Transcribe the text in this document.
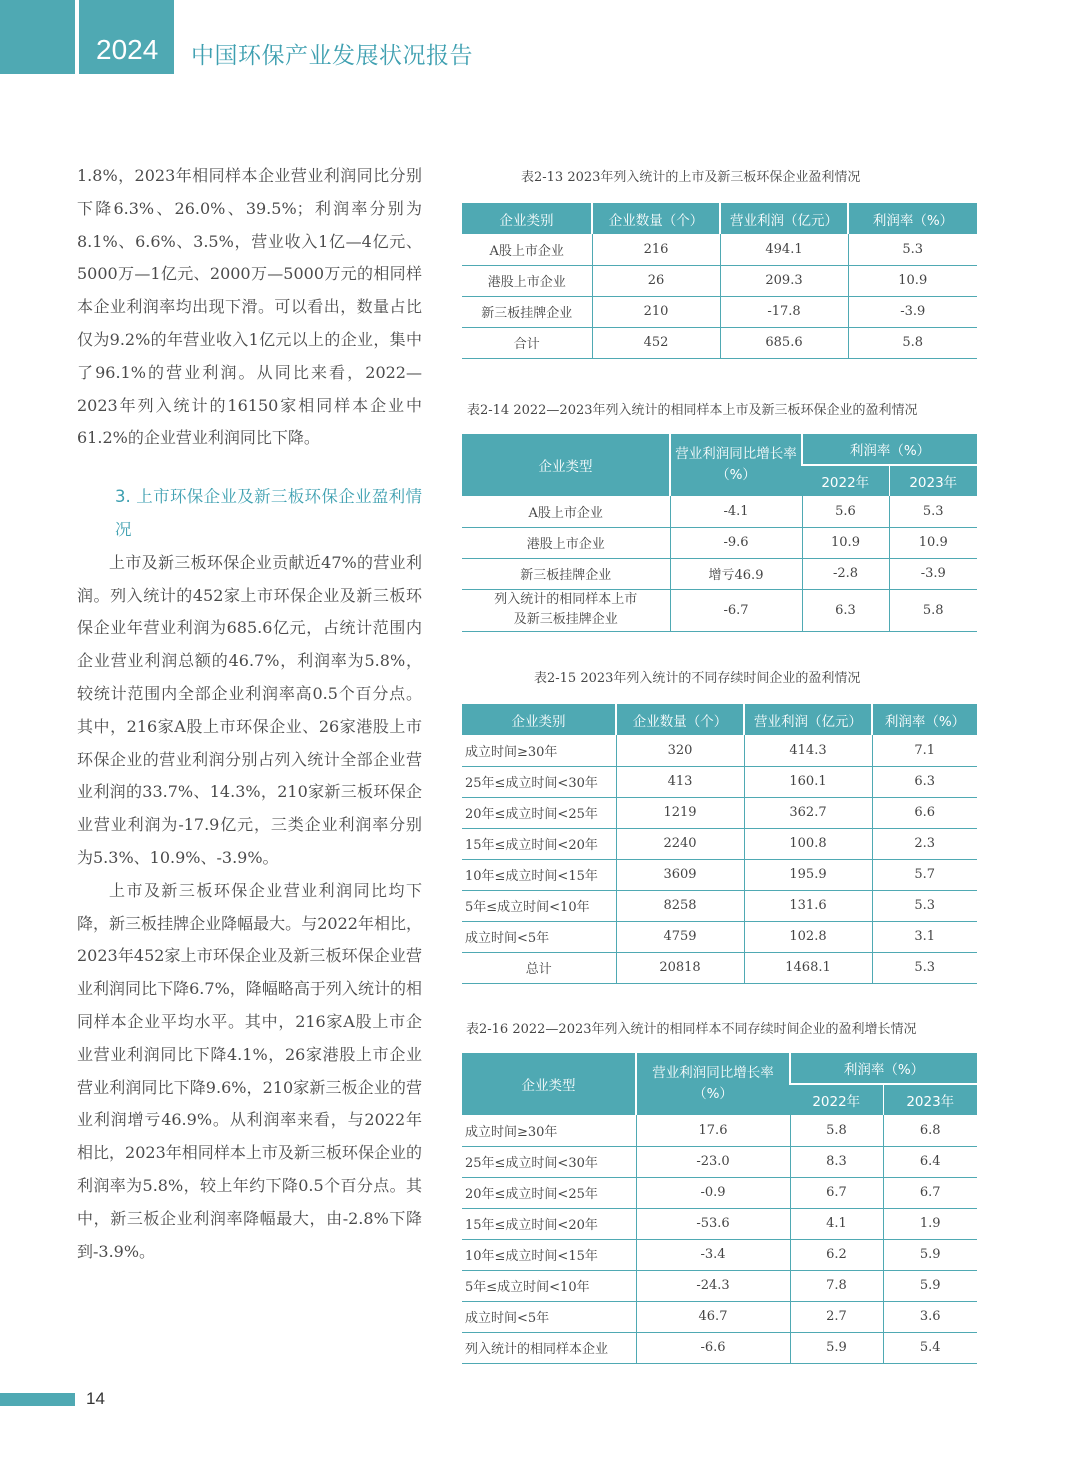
2024 中国环保产业发展状况报告

1.8%，2023年相同样本企业营业利润同比分别下降6.3%、26.0%、39.5%；利润率分别为8.1%、6.6%、3.5%，营业收入1亿—4亿元、5000万—1亿元、2000万—5000万元的相同样本企业利润率均出现下滑。可以看出，数量占比仅为9.2%的年营业收入1亿元以上的企业，集中了96.1%的营业利润。从同比来看，2022—2023年列入统计的16150家相同样本企业中61.2%的企业营业利润同比下降。

3. 上市环保企业及新三板环保企业盈利情况

上市及新三板环保企业贡献近47%的营业利润。列入统计的452家上市环保企业及新三板环保企业年营业利润为685.6亿元，占统计范围内企业营业利润总额的46.7%，利润率为5.8%，较统计范围内全部企业利润率高0.5个百分点。其中，216家A股上市环保企业、26家港股上市环保企业的营业利润分别占列入统计全部企业营业利润的33.7%、14.3%，210家新三板环保企业营业利润为-17.9亿元，三类企业利润率分别为5.3%、10.9%、-3.9%。

上市及新三板环保企业营业利润同比均下降，新三板挂牌企业降幅最大。与2022年相比，2023年452家上市环保企业及新三板环保企业营业利润同比下降6.7%，降幅略高于列入统计的相同样本企业平均水平。其中，216家A股上市企业营业利润同比下降4.1%，26家港股上市企业营业利润同比下降9.6%，210家新三板企业的营业利润增亏46.9%。从利润率来看，与2022年相比，2023年相同样本上市及新三板环保企业的利润率为5.8%，较上年约下降0.5个百分点。其中，新三板企业利润率降幅最大，由-2.8%下降到-3.9%。

表2-13 2023年列入统计的上市及新三板环保企业盈利情况
企业类别	企业数量（个）	营业利润（亿元）	利润率（%）
A股上市企业	216	494.1	5.3
港股上市企业	26	209.3	10.9
新三板挂牌企业	210	-17.8	-3.9
合计	452	685.6	5.8
表2-14 2022—2023年列入统计的相同样本上市及新三板环保企业的盈利情况
企业类型	营业利润同比增长率（%）	利润率（%）	
		2022年	2023年
A股上市企业	-4.1	5.6	5.3
港股上市企业	-9.6	10.9	10.9
新三板挂牌企业	增亏46.9	-2.8	-3.9
列入统计的相同样本上市及新三板挂牌企业	-6.7	6.3	5.8
表2-15 2023年列入统计的不同存续时间企业的盈利情况
企业类别	企业数量（个）	营业利润（亿元）	利润率（%）
成立时间≥30年	320	414.3	7.1
25年≤成立时间<30年	413	160.1	6.3
20年≤成立时间<25年	1219	362.7	6.6
15年≤成立时间<20年	2240	100.8	2.3
10年≤成立时间<15年	3609	195.9	5.7
5年≤成立时间<10年	8258	131.6	5.3
成立时间<5年	4759	102.8	3.1
总计	20818	1468.1	5.3
表2-16 2022—2023年列入统计的相同样本不同存续时间企业的盈利增长情况
企业类型	营业利润同比增长率（%）	利润率（%）	
		2022年	2023年
成立时间≥30年	17.6	5.8	6.8
25年≤成立时间<30年	-23.0	8.3	6.4
20年≤成立时间<25年	-0.9	6.7	6.7
15年≤成立时间<20年	-53.6	4.1	1.9
10年≤成立时间<15年	-3.4	6.2	5.9
5年≤成立时间<10年	-24.3	7.8	5.9
成立时间<5年	46.7	2.7	3.6
列入统计的相同样本企业	-6.6	5.9	5.4
14
